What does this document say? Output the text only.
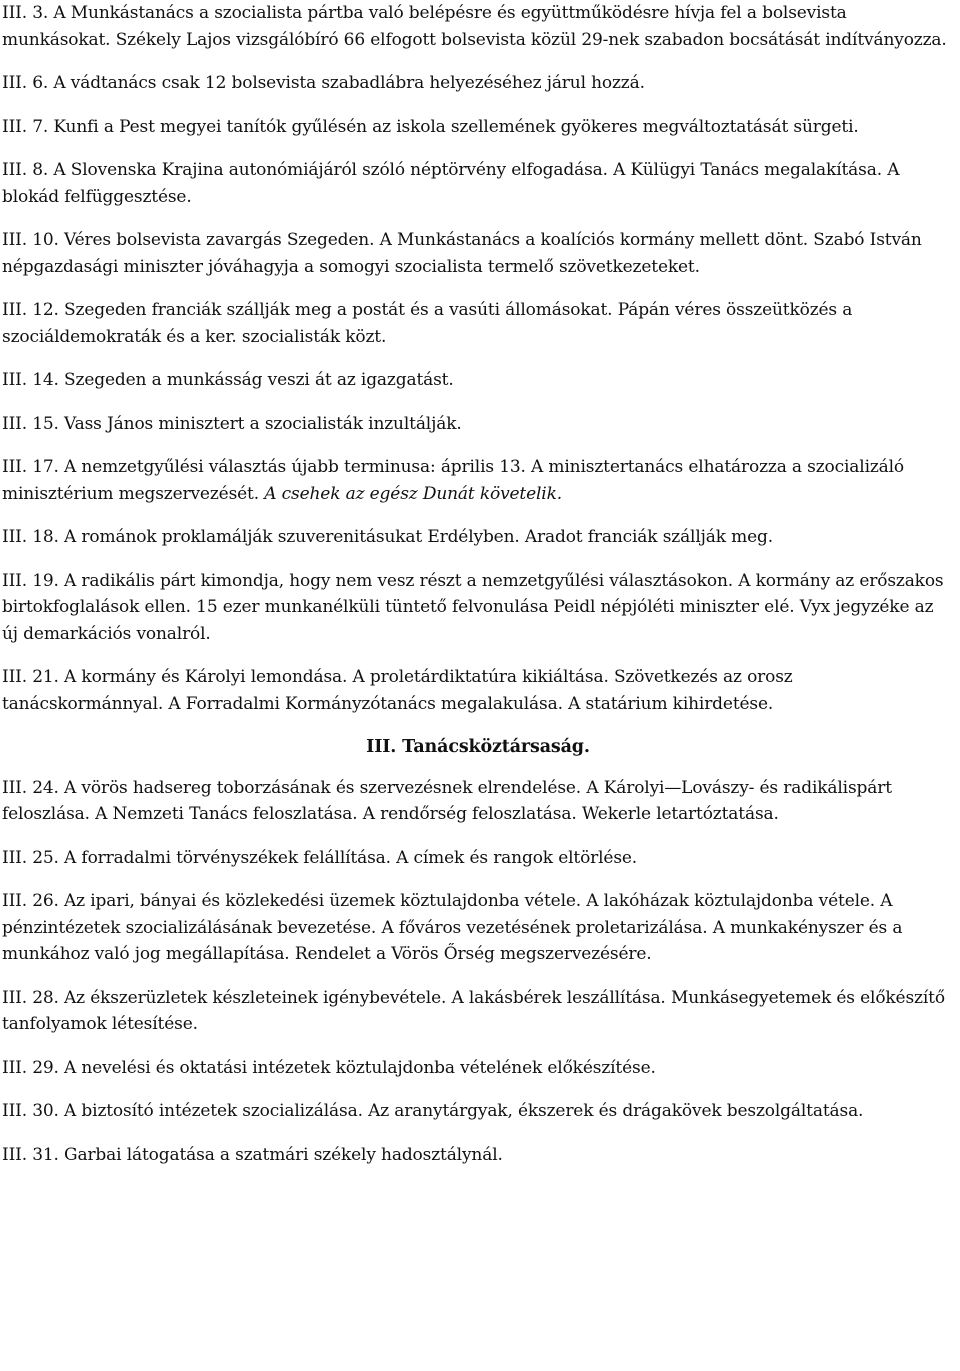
III. 3. A Munkástanács a szocialista pártba való belépésre és együttműködésre hívja fel a bolsevista munkásokat. Székely Lajos vizsgálóbíró 66 elfogott bolsevista közül 29-nek szabadon bocsátását indítványozza.

III. 6. A vádtanács csak 12 bolsevista szabadlábra helyezéséhez járul hozzá.

III. 7. Kunfi a Pest megyei tanítók gyűlésén az iskola szellemének gyökeres megváltoztatását sürgeti.

III. 8. A Slovenska Krajina autonómiájáról szóló néptörvény elfogadása. A Külügyi Tanács megalakítása. A blokád felfüggesztése.

III. 10. Véres bolsevista zavargás Szegeden. A Munkástanács a koalíciós kormány mellett dönt. Szabó István népgazdasági miniszter jóváhagyja a somogyi szocialista termelő szövetkezeteket.

III. 12. Szegeden franciák szállják meg a postát és a vasúti állomásokat. Pápán véres összeütközés a szociáldemokraták és a ker. szocialisták közt.

III. 14. Szegeden a munkásság veszi át az igazgatást.

III. 15. Vass János minisztert a szocialisták inzultálják.

III. 17. A nemzetgyűlési választás újabb terminusa: április 13. A minisztertanács elhatározza a szocializáló minisztérium megszervezését. A csehek az egész Dunát követelik.

III. 18. A románok proklamálják szuverenitásukat Erdélyben. Aradot franciák szállják meg.

III. 19. A radikális párt kimondja, hogy nem vesz részt a nemzetgyűlési választásokon. A kormány az erőszakos birtokfoglalások ellen. 15 ezer munkanélküli tüntető felvonulása Peidl népjóléti miniszter elé. Vyx jegyzéke az új demarkációs vonalról.

III. 21. A kormány és Károlyi lemondása. A proletárdiktatúra kikiáltása. Szövetkezés az orosz tanácskormánnyal. A Forradalmi Kormányzótanács megalakulása. A statárium kihirdetése.

III. Tanácsköztársaság.

III. 24. A vörös hadsereg toborzásának és szervezésnek elrendelése. A Károlyi—Lovászy- és radikálispárt feloszlása. A Nemzeti Tanács feloszlatása. A rendőrség feloszlatása. Wekerle letartóztatása.

III. 25. A forradalmi törvényszékek felállítása. A címek és rangok eltörlése.

III. 26. Az ipari, bányai és közlekedési üzemek köztulajdonba vétele. A lakóházak köztulajdonba vétele. A pénzintézetek szocializálásának bevezetése. A főváros vezetésének proletarizálása. A munkakényszer és a munkához való jog megállapítása. Rendelet a Vörös Őrség megszervezésére.

III. 28. Az ékszerüzletek készleteinek igénybevétele. A lakásbérek leszállítása. Munkásegyetemek és előkészítő tanfolyamok létesítése.

III. 29. A nevelési és oktatási intézetek köztulajdonba vételének előkészítése.

III. 30. A biztosító intézetek szocializálása. Az aranytárgyak, ékszerek és drágakövek beszolgáltatása.

III. 31. Garbai látogatása a szatmári székely hadosztálynál.
